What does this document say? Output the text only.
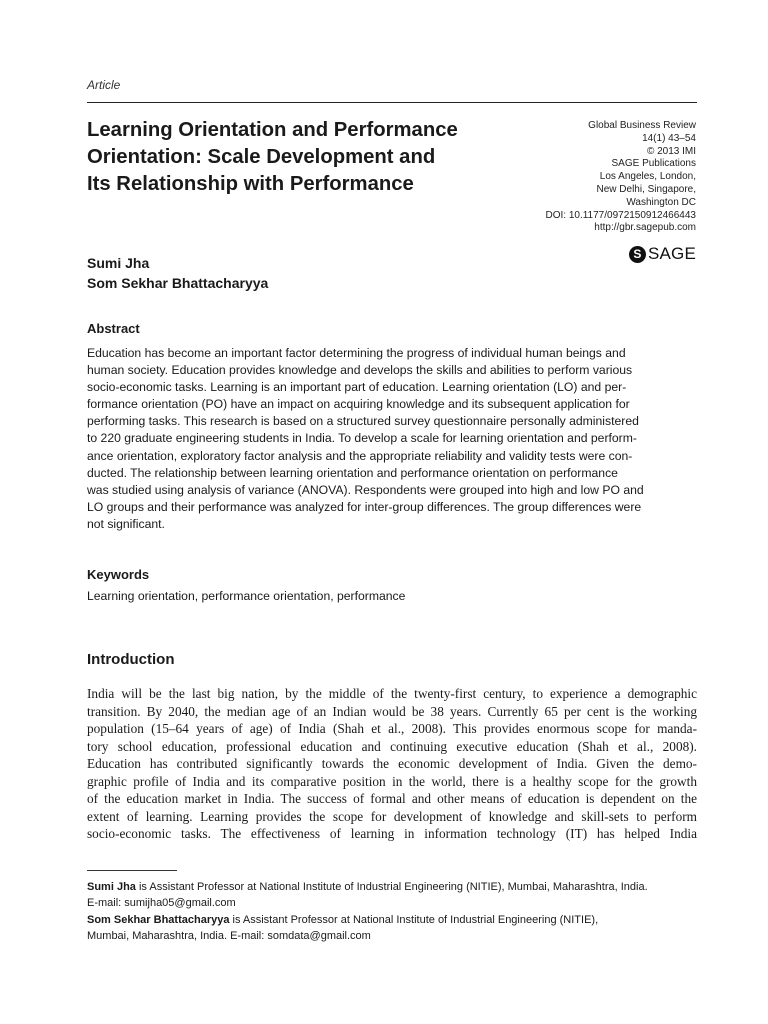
Article
Learning Orientation and Performance
Orientation: Scale Development and
Its Relationship with Performance
Global Business Review
14(1) 43–54
© 2013 IMI
SAGE Publications
Los Angeles, London,
New Delhi, Singapore,
Washington DC
DOI: 10.1177/0972150912466443
http://gbr.sagepub.com
S SAGE
Sumi Jha
Som Sekhar Bhattacharyya
Abstract
Education has become an important factor determining the progress of individual human beings and
human society. Education provides knowledge and develops the skills and abilities to perform various
socio-economic tasks. Learning is an important part of education. Learning orientation (LO) and per-
formance orientation (PO) have an impact on acquiring knowledge and its subsequent application for
performing tasks. This research is based on a structured survey questionnaire personally administered
to 220 graduate engineering students in India. To develop a scale for learning orientation and perform-
ance orientation, exploratory factor analysis and the appropriate reliability and validity tests were con-
ducted. The relationship between learning orientation and performance orientation on performance
was studied using analysis of variance (ANOVA). Respondents were grouped into high and low PO and
LO groups and their performance was analyzed for inter-group differences. The group differences were
not significant.
Keywords
Learning orientation, performance orientation, performance
Introduction
India will be the last big nation, by the middle of the twenty-first century, to experience a demographic
transition. By 2040, the median age of an Indian would be 38 years. Currently 65 per cent is the working
population (15–64 years of age) of India (Shah et al., 2008). This provides enormous scope for manda-
tory school education, professional education and continuing executive education (Shah et al., 2008).
Education has contributed significantly towards the economic development of India. Given the demo-
graphic profile of India and its comparative position in the world, there is a healthy scope for the growth
of the education market in India. The success of formal and other means of education is dependent on the
extent of learning. Learning provides the scope for development of knowledge and skill-sets to perform
socio-economic tasks. The effectiveness of learning in information technology (IT) has helped India
Sumi Jha is Assistant Professor at National Institute of Industrial Engineering (NITIE), Mumbai, Maharashtra, India.
E-mail: sumijha05@gmail.com
Som Sekhar Bhattacharyya is Assistant Professor at National Institute of Industrial Engineering (NITIE),
Mumbai, Maharashtra, India. E-mail: somdata@gmail.com
